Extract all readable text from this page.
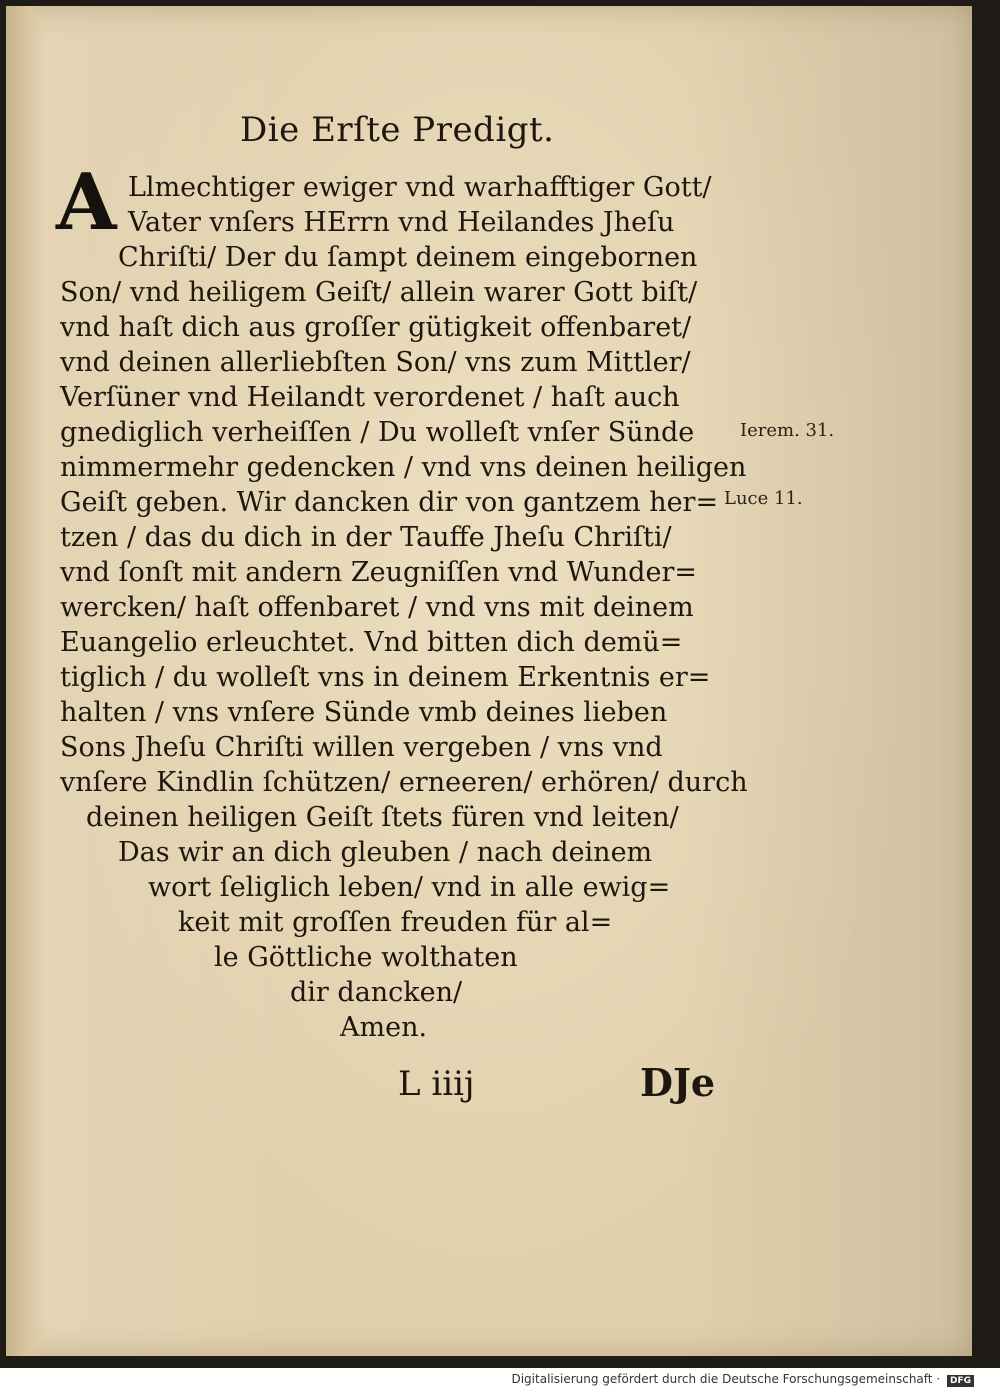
Die Erſte Predigt.
A Llmechtiger ewiger vnd warhafftiger Gott/
Vater vnſers HErrn vnd Heilandes Jheſu
Chriſti/ Der du ſampt deinem eingebornen
Son/ vnd heiligem Geiſt/ allein warer Gott biſt/
vnd haſt dich aus groſſer gütigkeit offenbaret/
vnd deinen allerliebſten Son/ vns zum Mittler/
Verſüner vnd Heilandt verordenet / haſt auch
gnediglich verheiſſen / Du wolleſt vnſer Sünde
nimmermehr gedencken / vnd vns deinen heiligen
Geiſt geben. Wir dancken dir von gantzem her=
tzen / das du dich in der Tauffe Jheſu Chriſti/
vnd ſonſt mit andern Zeugniſſen vnd Wunder=
wercken/ haſt offenbaret / vnd vns mit deinem
Euangelio erleuchtet. Vnd bitten dich demü=
tiglich / du wolleſt vns in deinem Erkentnis er=
halten / vns vnſere Sünde vmb deines lieben
Sons Jheſu Chriſti willen vergeben / vns vnd
vnſere Kindlin ſchützen/ erneeren/ erhören/ durch
deinen heiligen Geiſt ſtets füren vnd leiten/
Das wir an dich gleuben / nach deinem
wort ſeliglich leben/ vnd in alle ewig=
keit mit groſſen freuden für al=
le Göttliche wolthaten
dir dancken/
Amen.
Ierem. 31.
Luce 11.
L iiij	DJe
Digitalisierung gefördert durch die Deutsche Forschungsgemeinschaft · DFG
